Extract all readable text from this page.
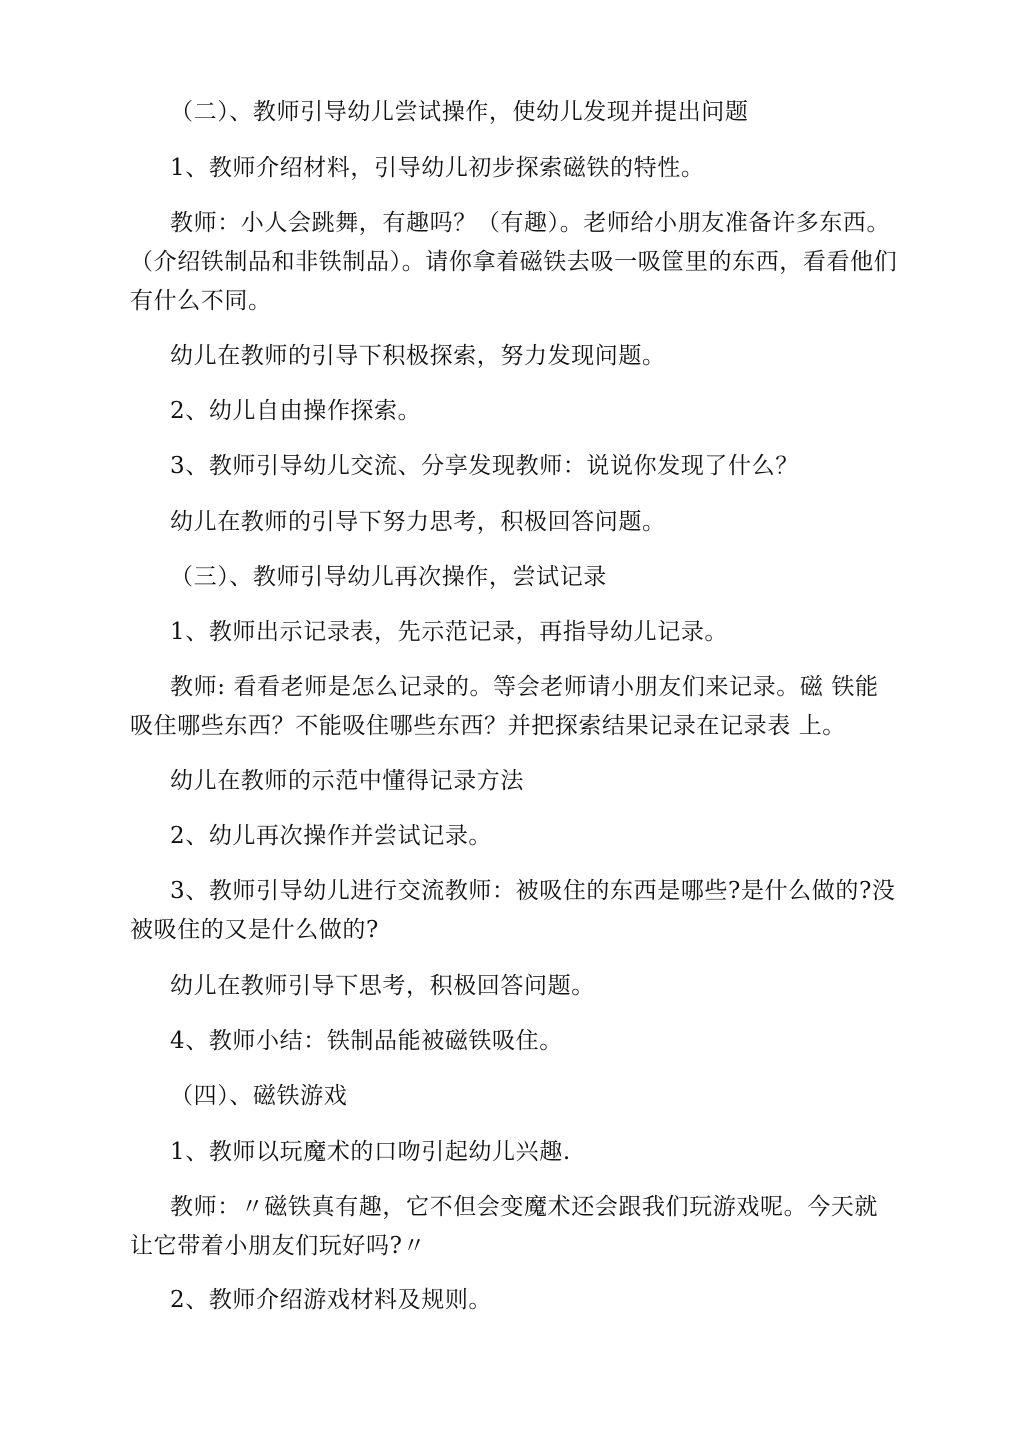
（二）、教师引导幼儿尝试操作，使幼儿发现并提出问题

1、教师介绍材料，引导幼儿初步探索磁铁的特性。

教师：小人会跳舞，有趣吗？（有趣）。老师给小朋友准备许多东西。（介绍铁制品和非铁制品）。请你拿着磁铁去吸一吸筐里的东西，看看他们有什么不同。

幼儿在教师的引导下积极探索，努力发现问题。

2、幼儿自由操作探索。

3、教师引导幼儿交流、分享发现教师：说说你发现了什么？

幼儿在教师的引导下努力思考，积极回答问题。

（三）、教师引导幼儿再次操作，尝试记录

1、教师出示记录表，先示范记录，再指导幼儿记录。

教师: 看看老师是怎么记录的。等会老师请小朋友们来记录。磁 铁能吸住哪些东西？不能吸住哪些东西？并把探索结果记录在记录表 上。

幼儿在教师的示范中懂得记录方法

2、幼儿再次操作并尝试记录。

3、教师引导幼儿进行交流教师：被吸住的东西是哪些?是什么做的?没被吸住的又是什么做的?

幼儿在教师引导下思考，积极回答问题。

4、教师小结：铁制品能被磁铁吸住。

（四）、磁铁游戏

1、教师以玩魔术的口吻引起幼儿兴趣.

教师：〃磁铁真有趣，它不但会变魔术还会跟我们玩游戏呢。今天就让它带着小朋友们玩好吗?〃

2、教师介绍游戏材料及规则。
